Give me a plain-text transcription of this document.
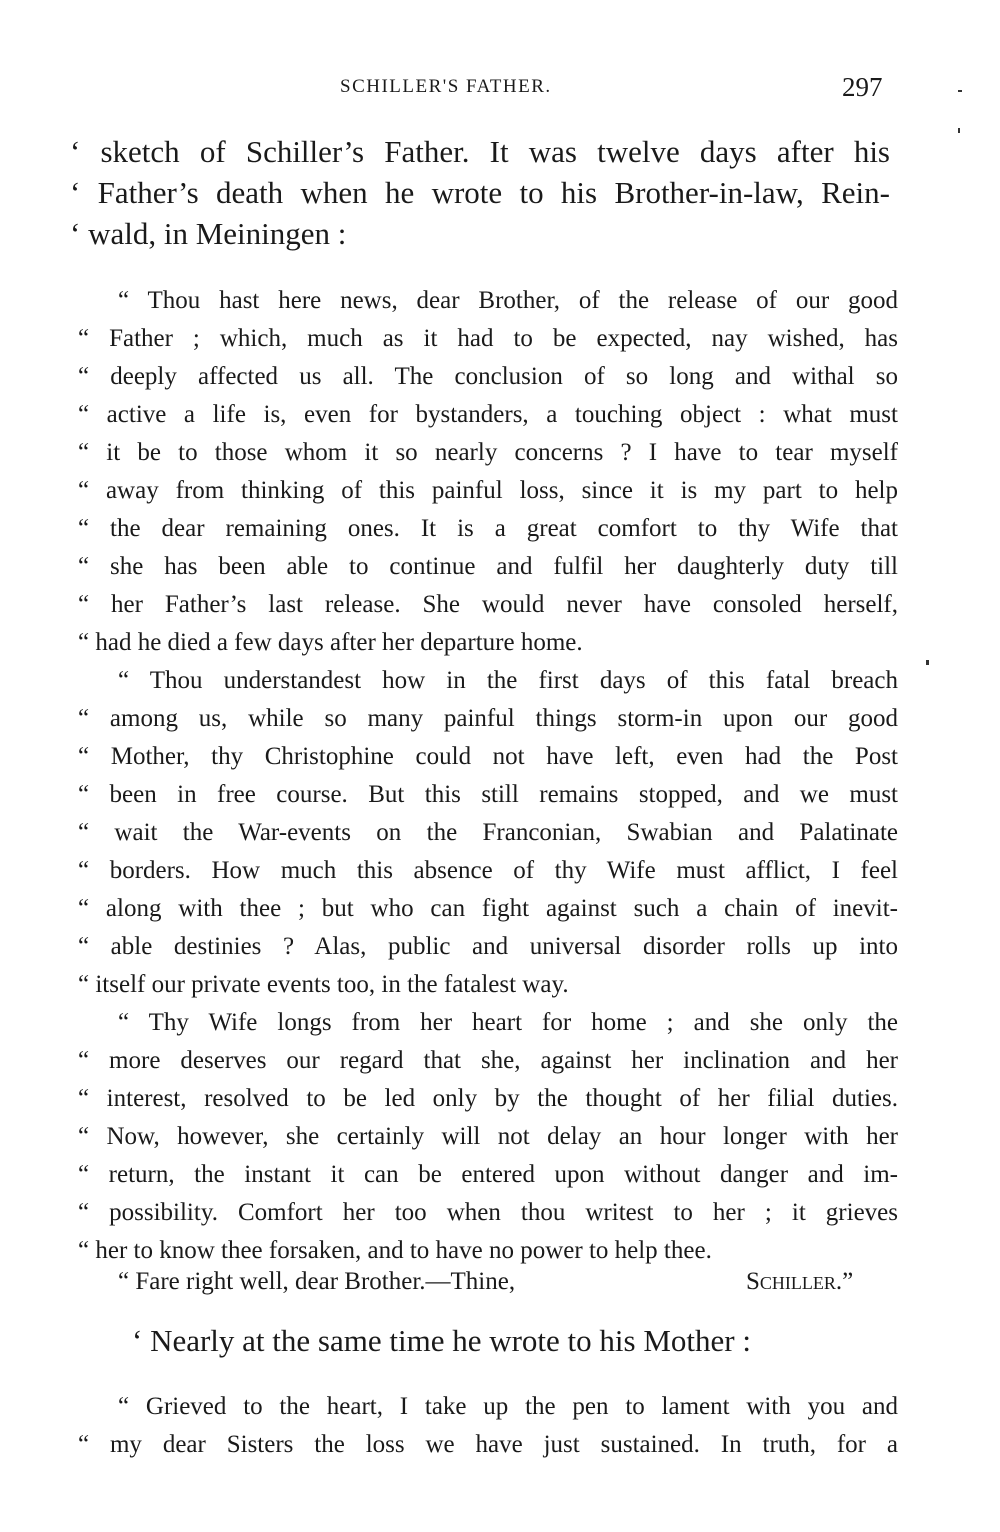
SCHILLER'S FATHER.	297
‘ sketch of Schiller’s Father. It was twelve days after his
‘ Father’s death when he wrote to his Brother-in-law, Rein-
‘ wald, in Meiningen :
“ Thou hast here news, dear Brother, of the release of our good
“ Father ; which, much as it had to be expected, nay wished, has
“ deeply affected us all. The conclusion of so long and withal so
“ active a life is, even for bystanders, a touching object : what must
“ it be to those whom it so nearly concerns ? I have to tear myself
“ away from thinking of this painful loss, since it is my part to help
“ the dear remaining ones. It is a great comfort to thy Wife that
“ she has been able to continue and fulfil her daughterly duty till
“ her Father’s last release. She would never have consoled herself,
“ had he died a few days after her departure home.
“ Thou understandest how in the first days of this fatal breach
“ among us, while so many painful things storm-in upon our good
“ Mother, thy Christophine could not have left, even had the Post
“ been in free course. But this still remains stopped, and we must
“ wait the War-events on the Franconian, Swabian and Palatinate
“ borders. How much this absence of thy Wife must afflict, I feel
“ along with thee ; but who can fight against such a chain of inevit-
“ able destinies ? Alas, public and universal disorder rolls up into
“ itself our private events too, in the fatalest way.
“ Thy Wife longs from her heart for home ; and she only the
“ more deserves our regard that she, against her inclination and her
“ interest, resolved to be led only by the thought of her filial duties.
“ Now, however, she certainly will not delay an hour longer with her
“ return, the instant it can be entered upon without danger and im-
“ possibility. Comfort her too when thou writest to her ; it grieves
“ her to know thee forsaken, and to have no power to help thee.
“ Fare right well, dear Brother.—Thine,	Schiller.”
‘ Nearly at the same time he wrote to his Mother :
“ Grieved to the heart, I take up the pen to lament with you and
“ my dear Sisters the loss we have just sustained. In truth, for a
